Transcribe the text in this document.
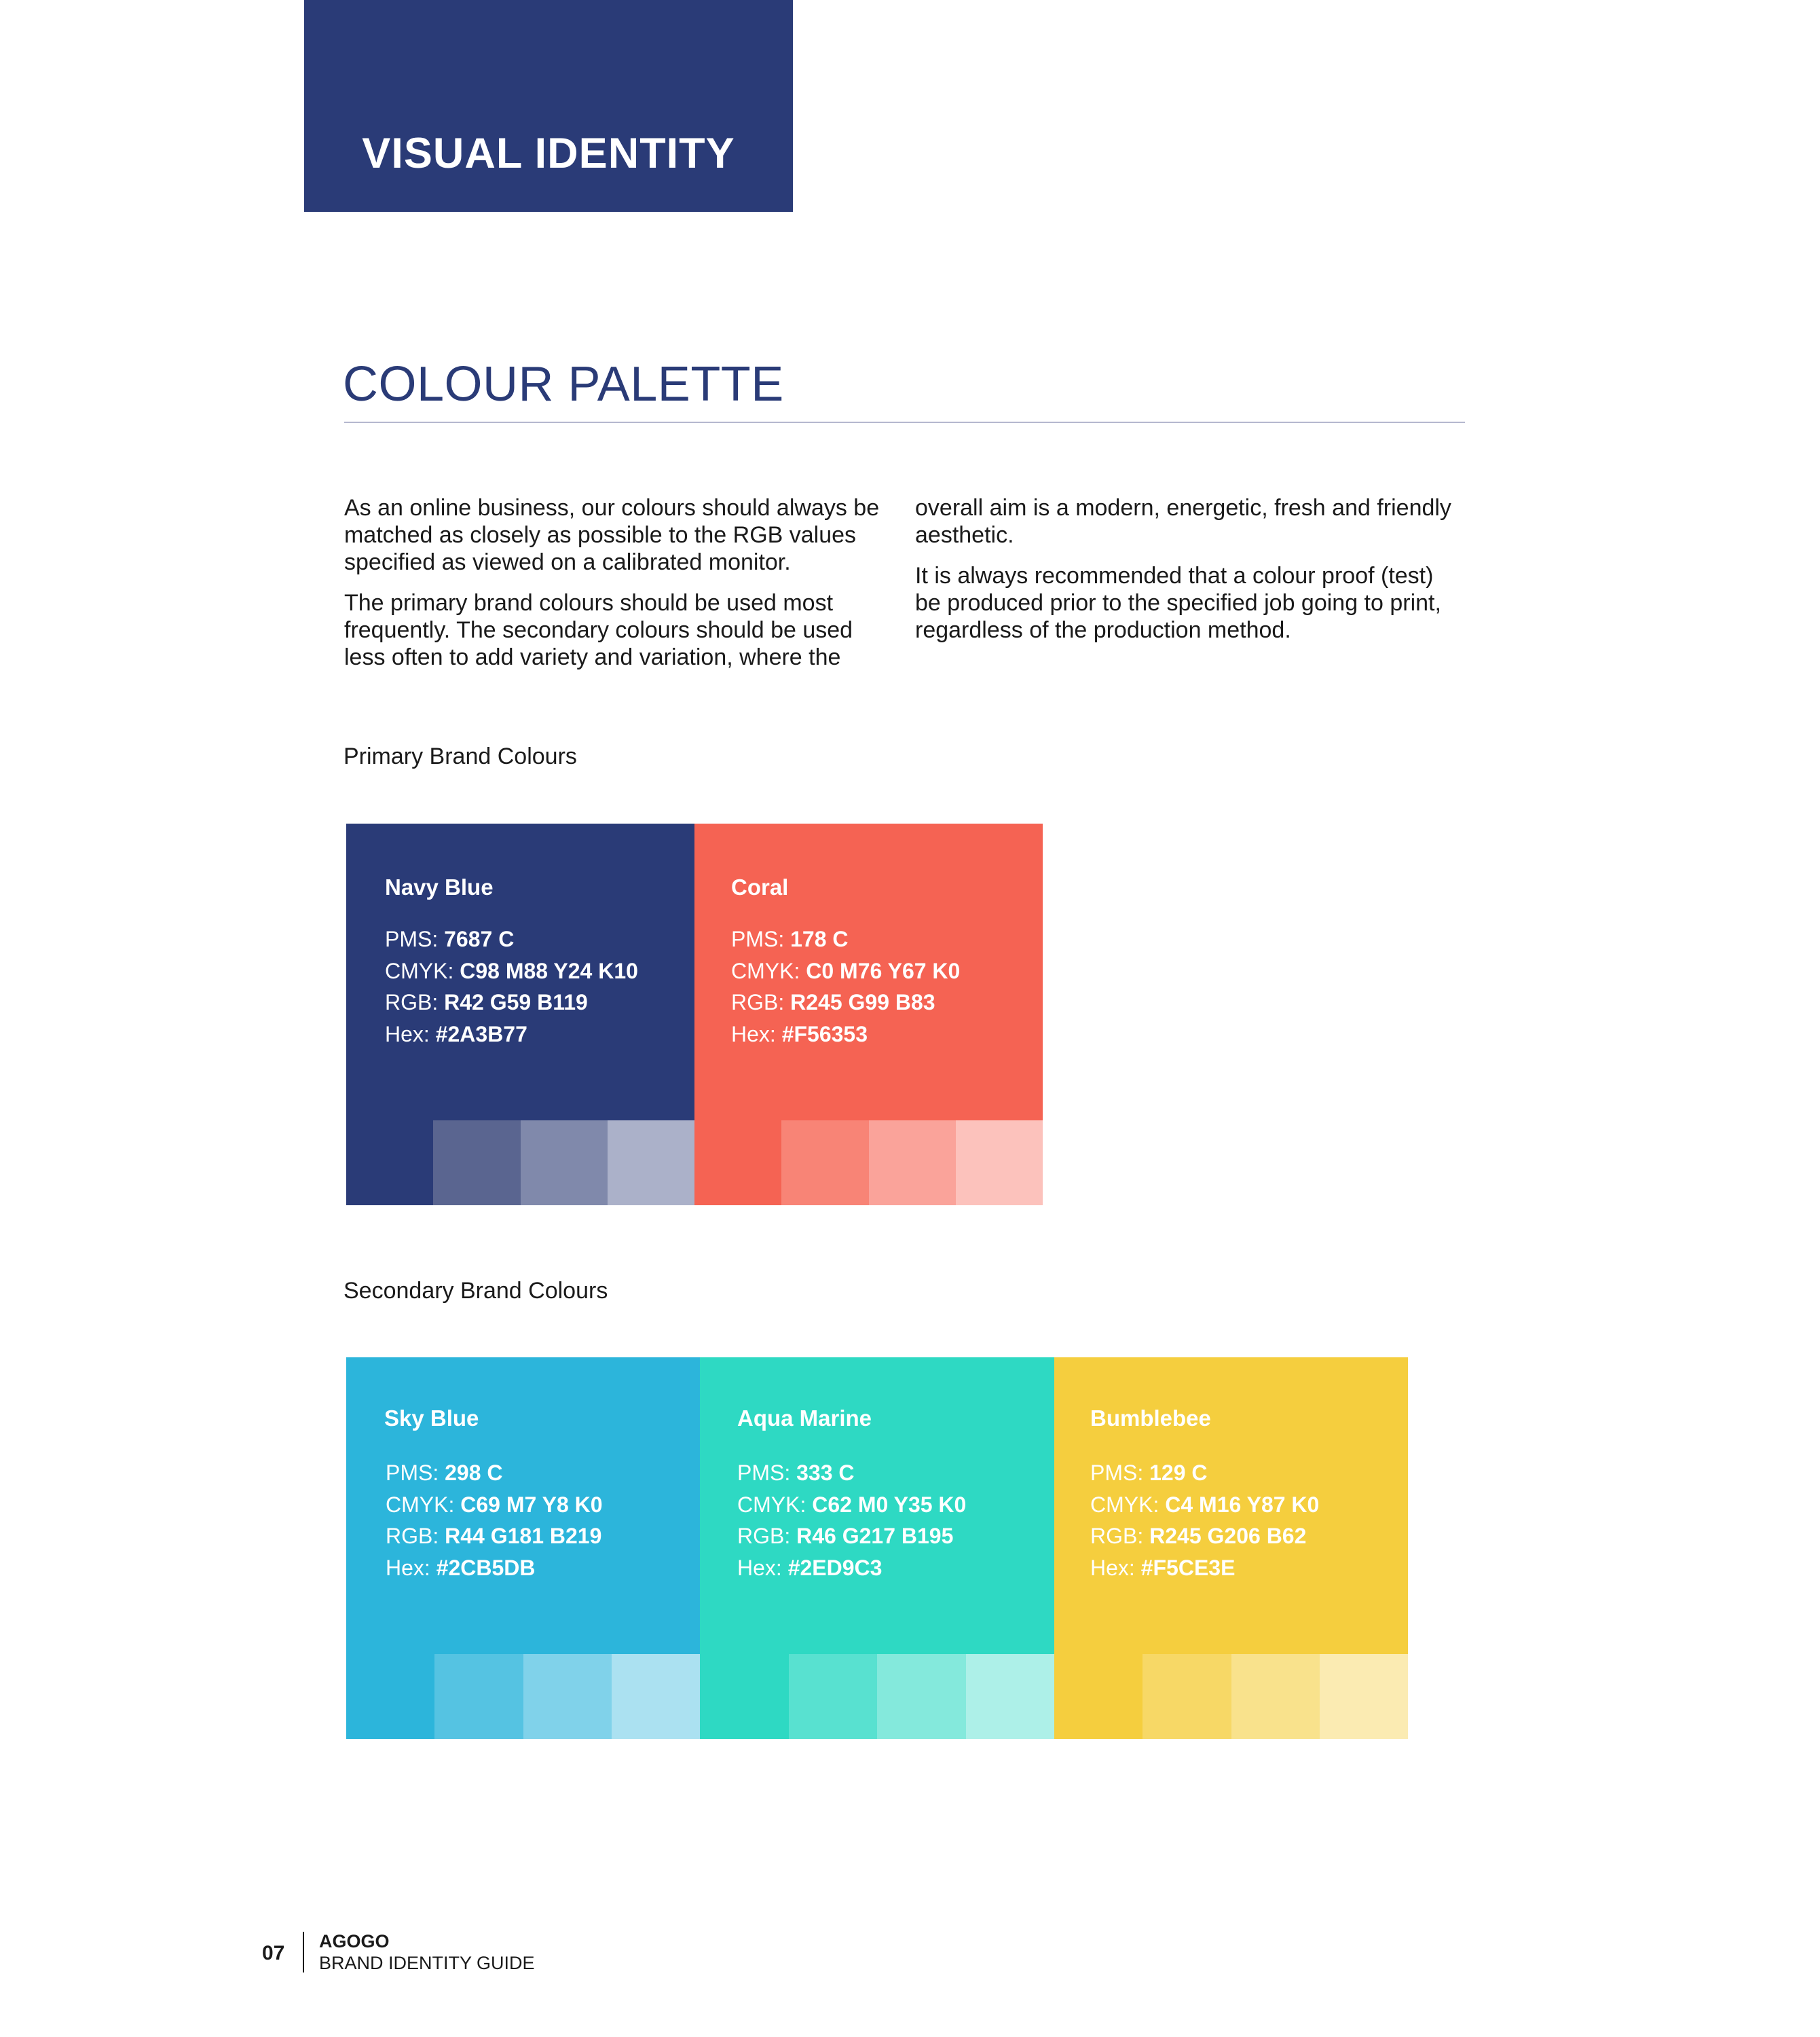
VISUAL IDENTITY
COLOUR PALETTE

As an online business, our colours should always be matched as closely as possible to the RGB values specified as viewed on a calibrated monitor.

The primary brand colours should be used most frequently. The secondary colours should be used less often to add variety and variation, where the

overall aim is a modern, energetic, fresh and friendly aesthetic.

It is always recommended that a colour proof (test) be produced prior to the specified job going to print, regardless of the production method.

Primary Brand Colours
Navy Blue
PMS: 7687 C
CMYK: C98 M88 Y24 K10
RGB: R42 G59 B119
Hex: #2A3B77
Coral
PMS: 178 C
CMYK: C0 M76 Y67 K0
RGB: R245 G99 B83
Hex: #F56353
Secondary Brand Colours
Sky Blue
PMS: 298 C
CMYK: C69 M7 Y8 K0
RGB: R44 G181 B219
Hex: #2CB5DB
Aqua Marine
PMS: 333 C
CMYK: C62 M0 Y35 K0
RGB: R46 G217 B195
Hex: #2ED9C3
Bumblebee
PMS: 129 C
CMYK: C4 M16 Y87 K0
RGB: R245 G206 B62
Hex: #F5CE3E
07
AGOGO
BRAND IDENTITY GUIDE
